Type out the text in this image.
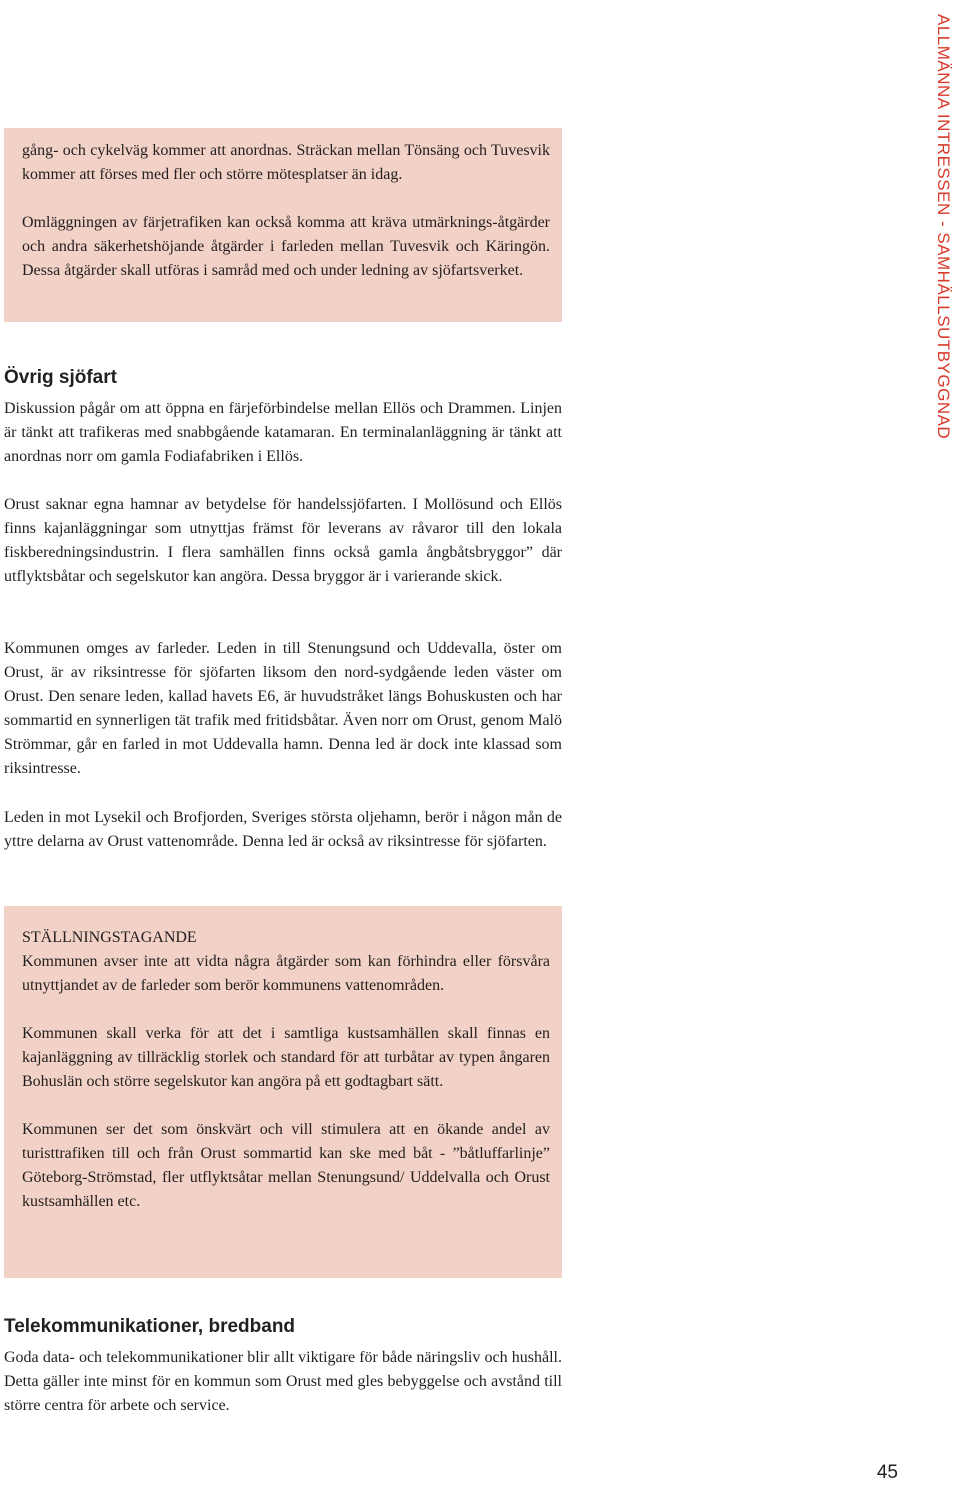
ALLMÄNNA INTRESSEN - SAMHÄLLSUTBYGGNAD

gång- och cykelväg kommer att anordnas. Sträckan mellan Tönsäng och Tuvesvik kommer att förses med fler och större mötesplatser än idag.

Omläggningen av färjetrafiken kan också komma att kräva utmärknings-åtgärder och andra säkerhetshöjande åtgärder i farleden mellan Tuvesvik och Käringön. Dessa åtgärder skall utföras i samråd med och under ledning av sjöfartsverket.

Övrig sjöfart

Diskussion pågår om att öppna en färjeförbindelse mellan Ellös och Drammen. Linjen är tänkt att trafikeras med snabbgående katamaran. En terminalanläggning är tänkt att anordnas norr om gamla Fodiafabriken i Ellös.

Orust saknar egna hamnar av betydelse för handelssjöfarten. I Mollösund och Ellös finns kajanläggningar som utnyttjas främst för leverans av råvaror till den lokala fiskberedningsindustrin. I flera samhällen finns också gamla ångbåtsbryggor” där utflyktsbåtar och segelskutor kan angöra. Dessa bryggor är i varierande skick.

Kommunen omges av farleder. Leden in till Stenungsund och Uddevalla, öster om Orust, är av riksintresse för sjöfarten liksom den nord-sydgående leden väster om Orust. Den senare leden, kallad havets E6, är huvudstråket längs Bohuskusten och har sommartid en synnerligen tät trafik med fritidsbåtar. Även norr om Orust, genom Malö Strömmar, går en farled in mot Uddevalla hamn. Denna led är dock inte klassad som riksintresse.

Leden in mot Lysekil och Brofjorden, Sveriges största oljehamn, berör i någon mån de yttre delarna av Orust vattenområde. Denna led är också av riksintresse för sjöfarten.

STÄLLNINGSTAGANDE

Kommunen avser inte att vidta några åtgärder som kan förhindra eller försvåra utnyttjandet av de farleder som berör kommunens vattenområden.

Kommunen skall verka för att det i samtliga kustsamhällen skall finnas en kajanläggning av tillräcklig storlek och standard för att turbåtar av typen ångaren Bohuslän och större segelskutor kan angöra på ett godtagbart sätt.

Kommunen ser det som önskvärt och vill stimulera att en ökande andel av turisttrafiken till och från Orust sommartid kan ske med båt - ”båtluffarlinje” Göteborg-Strömstad, fler utflyktsåtar mellan Stenungsund/ Uddelvalla och Orust kustsamhällen etc.

Telekommunikationer, bredband

Goda data- och telekommunikationer blir allt viktigare för både näringsliv och hushåll. Detta gäller inte minst för en kommun som Orust med gles bebyggelse och avstånd till större centra för arbete och service.

45
